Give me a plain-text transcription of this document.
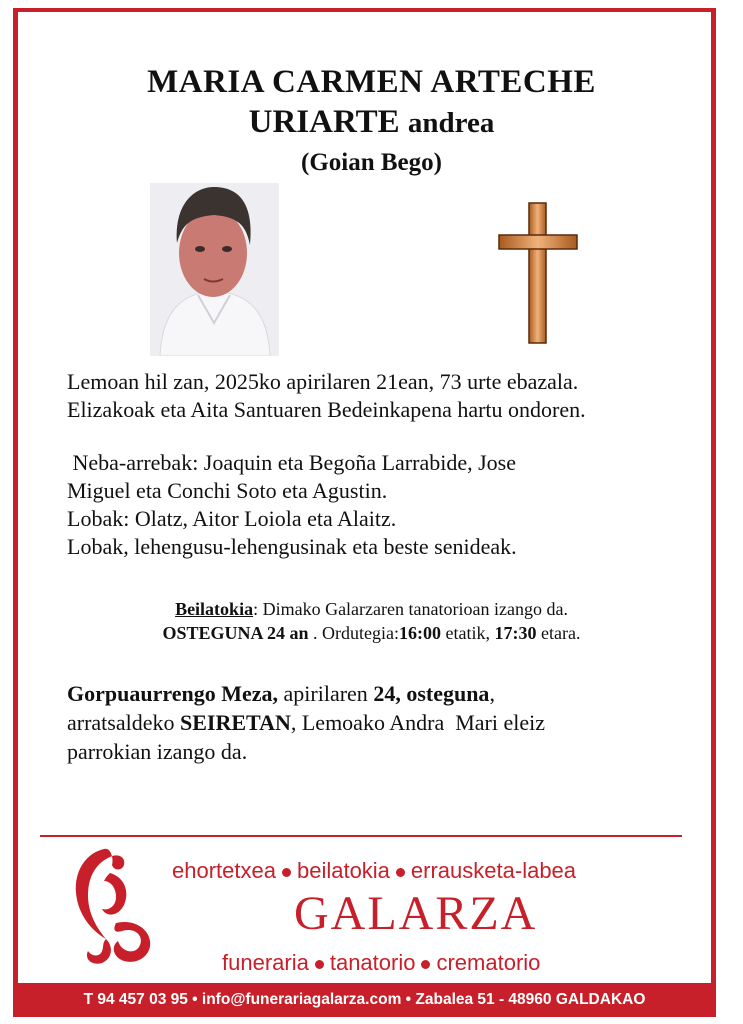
MARIA CARMEN ARTECHE
URIARTE andrea
(Goian Bego)
Lemoan hil zan, 2025ko apirilaren 21ean, 73 urte ebazala.
Elizakoak eta Aita Santuaren Bedeinkapena hartu ondoren.
Neba-arrebak: Joaquin eta Begoña Larrabide, Jose
Miguel eta Conchi Soto eta Agustin.
Lobak: Olatz, Aitor Loiola eta Alaitz.
Lobak, lehengusu-lehengusinak eta beste senideak.
Beilatokia: Dimako Galarzaren tanatorioan izango da.
OSTEGUNA 24 an . Ordutegia:16:00 etatik, 17:30 etara.
Gorpuaurrengo Meza, apirilaren 24, osteguna,
arratsaldeko SEIRETAN, Lemoako Andra  Mari eleiz
parrokian izango da.
ehortetxea beilatokia errausketa-labea
GALARZA
funeraria tanatorio crematorio
T 94 457 03 95 • info@funerariagalarza.com • Zabalea 51 - 48960 GALDAKAO
